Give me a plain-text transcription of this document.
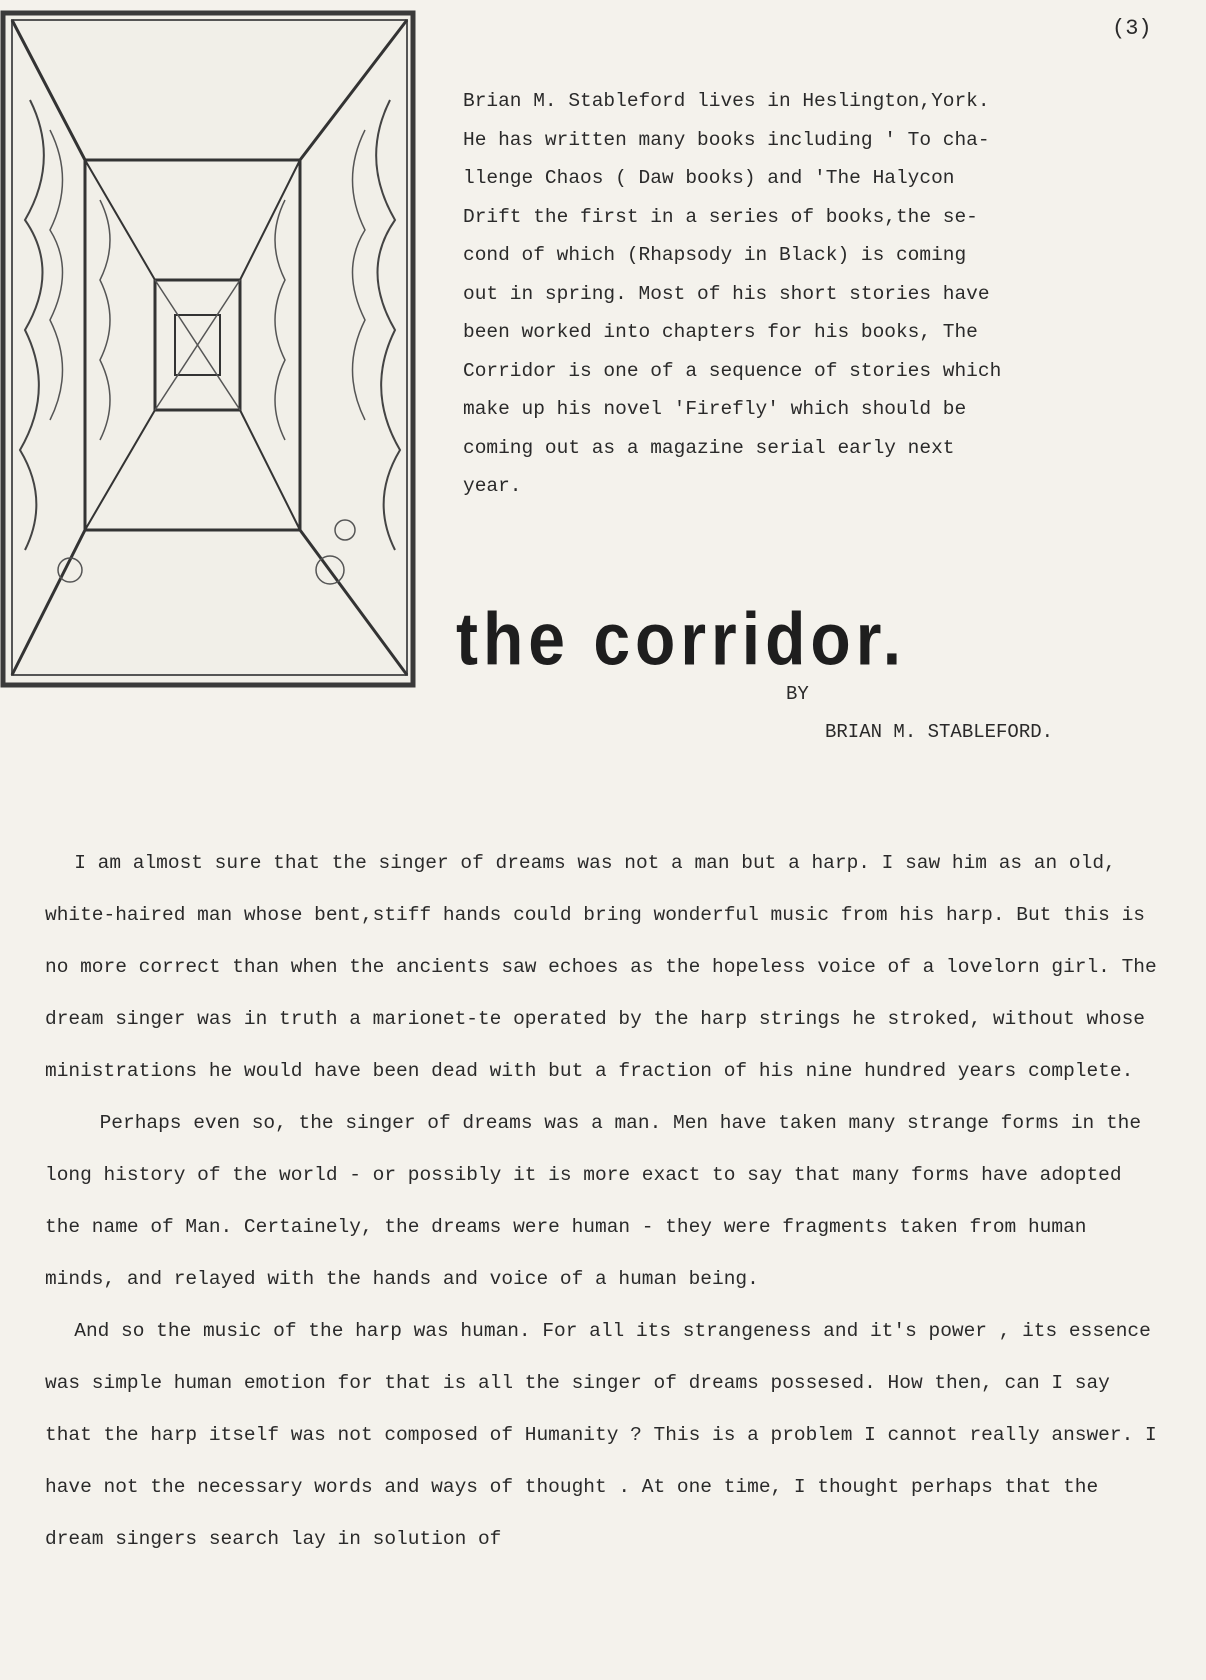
(3)
Brian M. Stableford lives in Heslington,York.
He has written many books including ' To cha-
llenge Chaos ( Daw books) and 'The Halycon
Drift the first in a series of books,the se-
cond of which (Rhapsody in Black) is coming
out in spring. Most of his short stories have
been worked into chapters for his books, The
Corridor is one of a sequence of stories which
make up his novel 'Firefly' which should be
coming out as a magazine serial early next
year.
the corridor.
BY
BRIAN M. STABLEFORD.

I am almost sure that the singer of dreams was not a man but a harp. I saw him as an old, white-haired man whose bent,stiff hands could bring wonderful music from his harp. But this is no more correct than when the ancients saw echoes as the hopeless voice of a lovelorn girl. The dream singer was in truth a marionet-te operated by the harp strings he stroked, without whose ministrations he would have been dead with but a fraction of his nine hundred years complete.

Perhaps even so, the singer of dreams was a man. Men have taken many strange forms in the long history of the world - or possibly it is more exact to say that many forms have adopted the name of Man. Certainely, the dreams were human - they were fragments taken from human minds, and relayed with the hands and voice of a human being.

And so the music of the harp was human. For all its strangeness and it's power , its essence was simple human emotion for that is all the singer of dreams possesed. How then, can I say that the harp itself was not composed of Humanity ? This is a problem I cannot really answer. I have not the necessary words and ways of thought . At one time, I thought perhaps that the dream singers search lay in solution of
